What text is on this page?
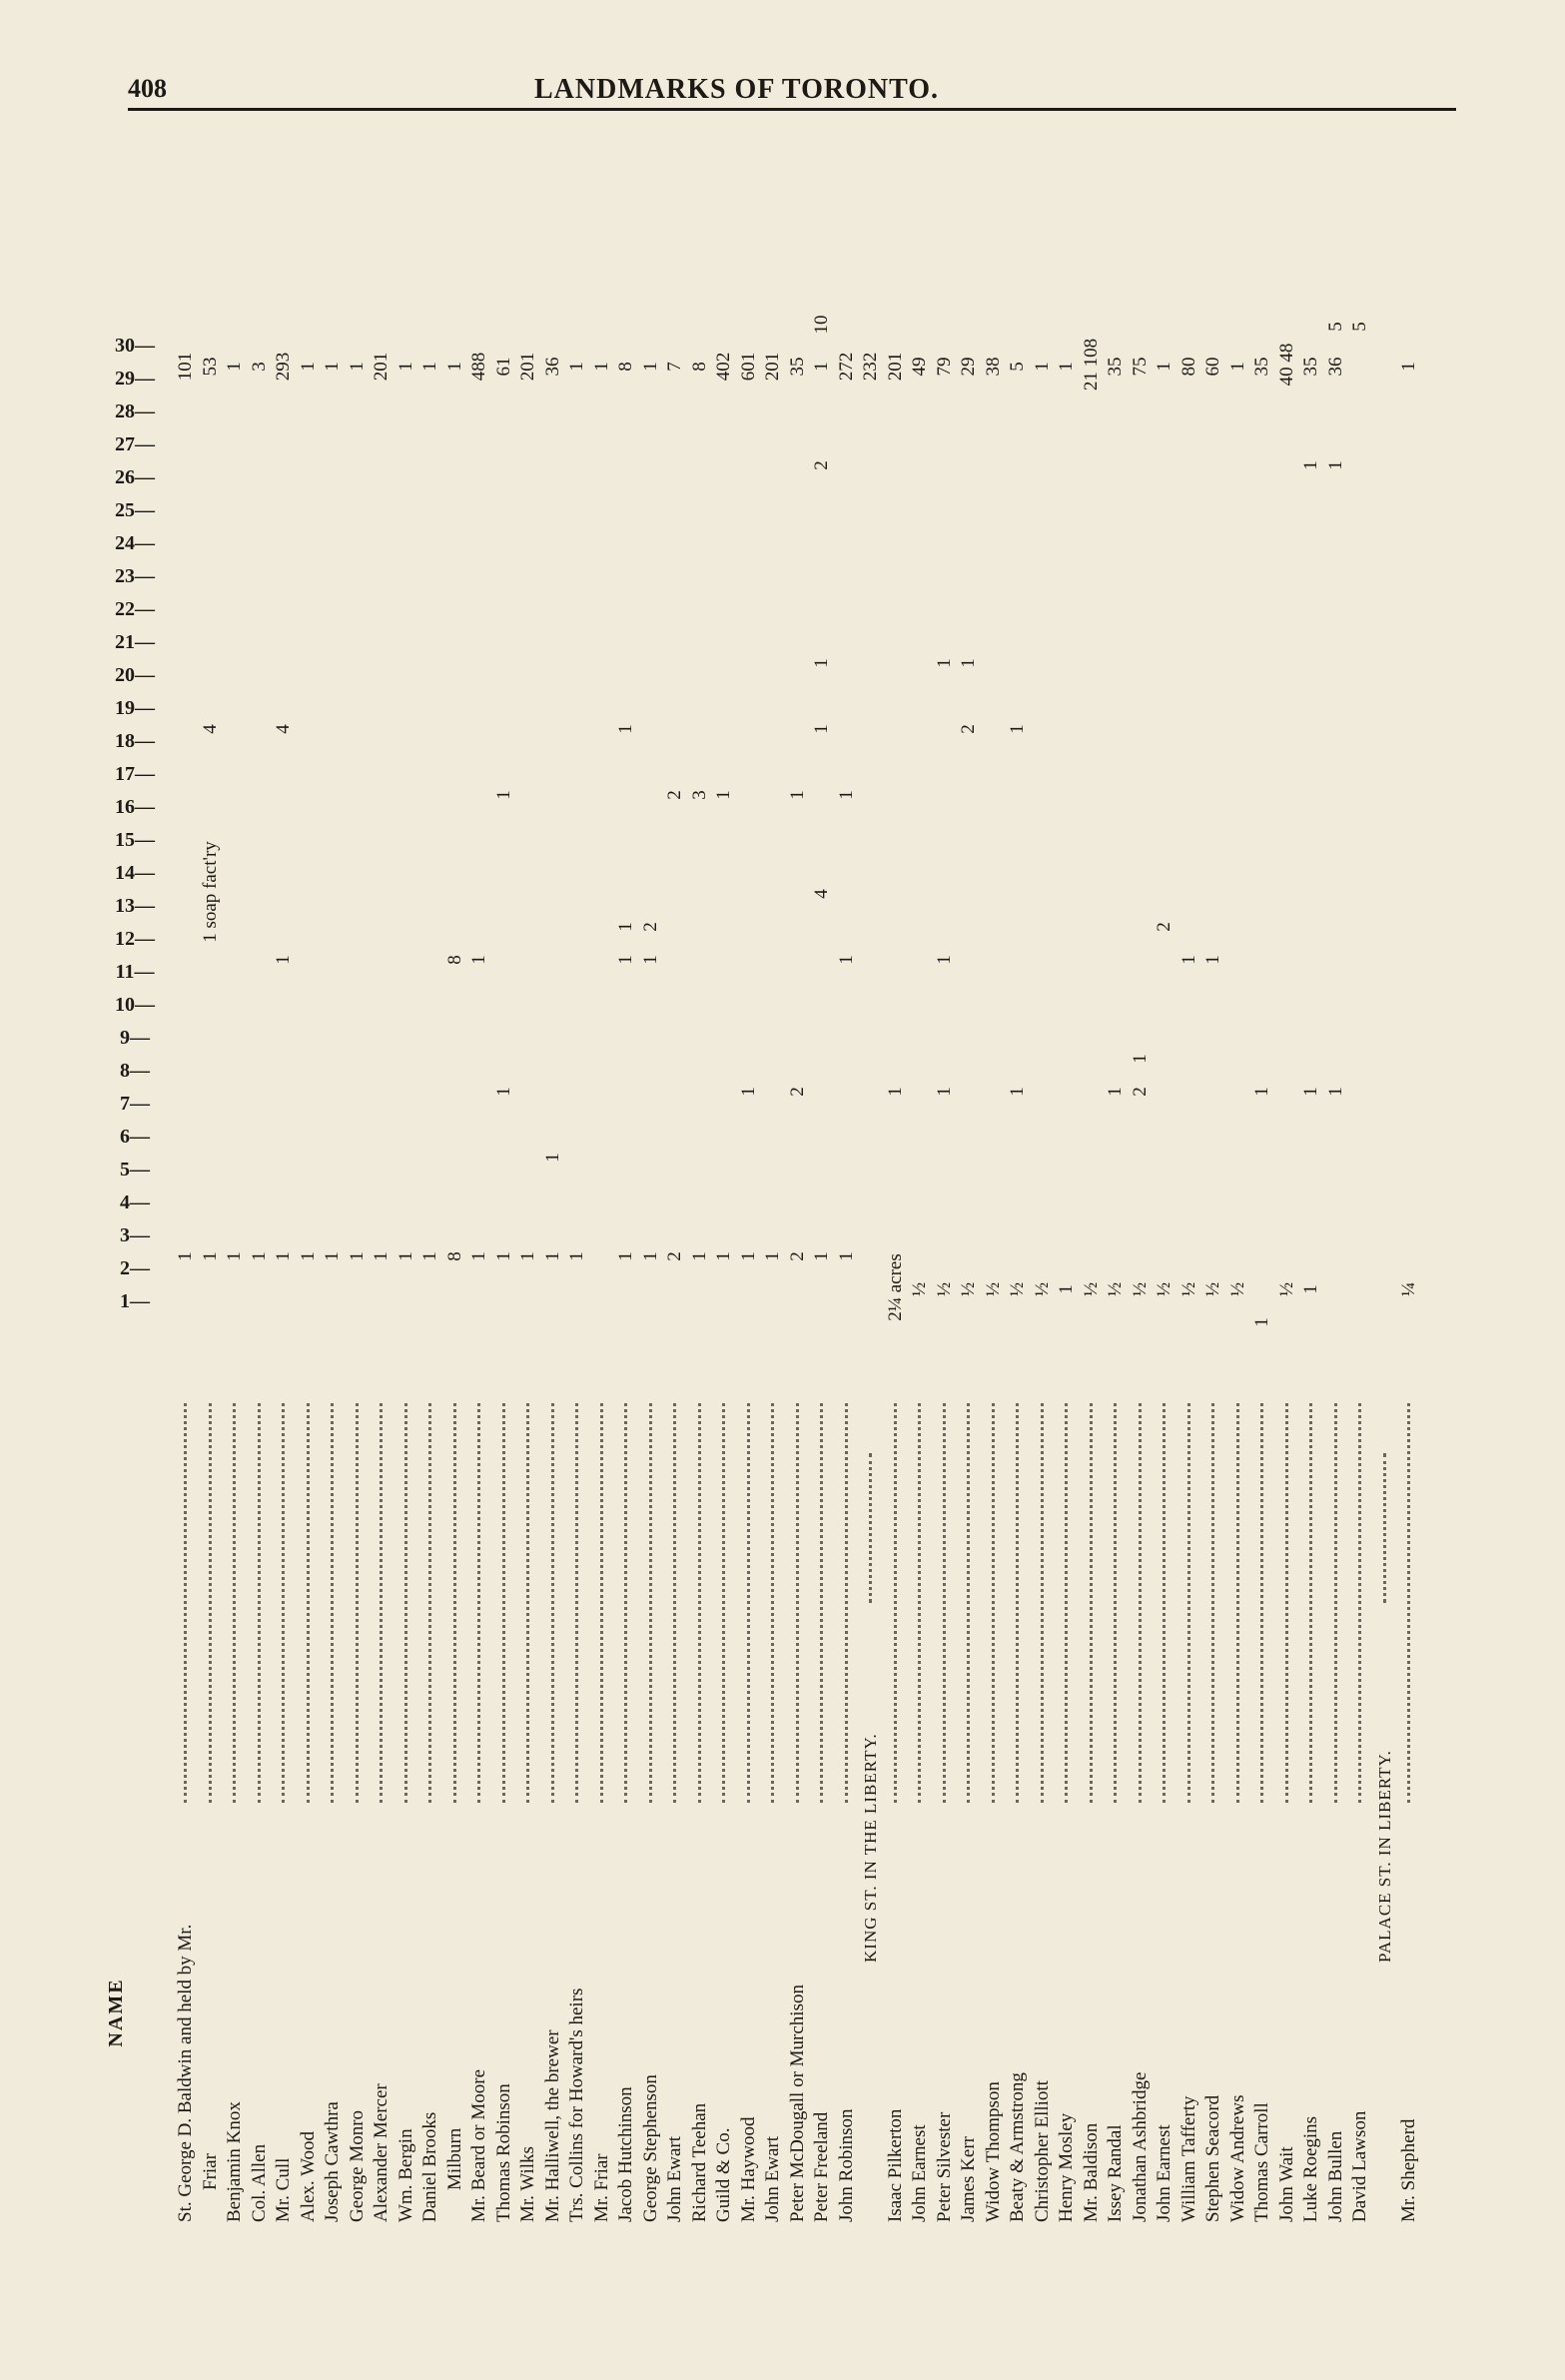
408	LANDMARKS OF TORONTO.
NAME
1—
2—
3—
4—
5—
6—
7—
8—
9—
10—
11—
12—
13—
14—
15—
16—
17—
18—
19—
20—
21—
22—
23—
24—
25—
26—
27—
28—
29—
30—
St. George D. Baldwin and held by Mr.
1
101
Friar
1
1 soap fact'ry
4
53
Benjamin Knox
1
1
Col. Allen
1
3
Mr. Cull
1
1
4
293
Alex. Wood
1
1
Joseph Cawthra
1
1
George Monro
1
1
Alexander Mercer
1
201
Wm. Bergin
1
1
Daniel Brooks
1
1
Milburn
8
8
1
Mr. Beard or Moore
1
1
488
Thomas Robinson
1
1
1
61
Mr. Wilks
1
201
Mr. Halliwell, the brewer
1
1
36
Trs. Collins for Howard's heirs
1
1
Mr. Friar
1
Jacob Hutchinson
1
1
1
1
8
George Stephenson
1
1
2
1
John Ewart
2
2
7
Richard Teehan
1
3
8
Guild & Co.
1
1
402
Mr. Haywood
1
1
601
John Ewart
1
201
Peter McDougall or Murchison
2
2
1
35
Peter Freeland
1
4
1
1
2
1
John Robinson
1
1
1
272
KING ST. IN THE LIBERTY.
232
Isaac Pilkerton
2¼ acres
1
201
John Earnest
½
49
Peter Silvester
½
1
1
1
79
James Kerr
½
2
1
29
Widow Thompson
½
38
Beaty & Armstrong
½
1
1
5
Christopher Elliott
½
1
Henry Mosley
1
1
Mr. Baldison
½
21 108
Issey Randal
½
1
35
Jonathan Ashbridge
½
2
1
75
John Earnest
½
2
1
William Tafferty
½
1
80
Stephen Seacord
½
1
60
Widow Andrews
½
1
Thomas Carroll
1
1
35
John Wait
½
40 48
Luke Roegins
1
1
1
35
John Bullen
1
1
36
5
David Lawson
5
PALACE ST. IN LIBERTY.
Mr. Shepherd
¼
1
10
